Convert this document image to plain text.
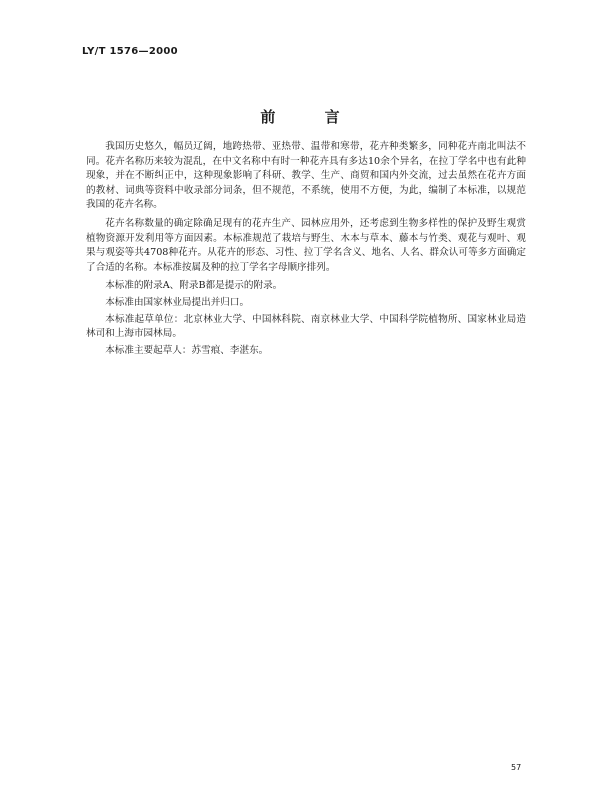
LY/T 1576—2000
前 言

我国历史悠久，幅员辽阔，地跨热带、亚热带、温带和寒带，花卉种类繁多，同种花卉南北叫法不同。花卉名称历来较为混乱，在中文名称中有时一种花卉具有多达10余个异名，在拉丁学名中也有此种现象，并在不断纠正中，这种现象影响了科研、教学、生产、商贸和国内外交流，过去虽然在花卉方面的教材、词典等资料中收录部分词条，但不规范，不系统，使用不方便，为此，编制了本标准，以规范我国的花卉名称。

花卉名称数量的确定除确足现有的花卉生产、园林应用外，还考虑到生物多样性的保护及野生观赏植物资源开发利用等方面因素。本标准规范了栽培与野生、木本与草本、藤本与竹类、观花与观叶、观果与观姿等共4708种花卉。从花卉的形态、习性、拉丁学名含义、地名、人名、群众认可等多方面确定了合适的名称。本标准按属及种的拉丁学名字母顺序排列。

本标准的附录A、附录B都是提示的附录。

本标准由国家林业局提出并归口。

本标准起草单位：北京林业大学、中国林科院、南京林业大学、中国科学院植物所、国家林业局造林司和上海市园林局。

本标准主要起草人：苏雪痕、李湛东。

57
